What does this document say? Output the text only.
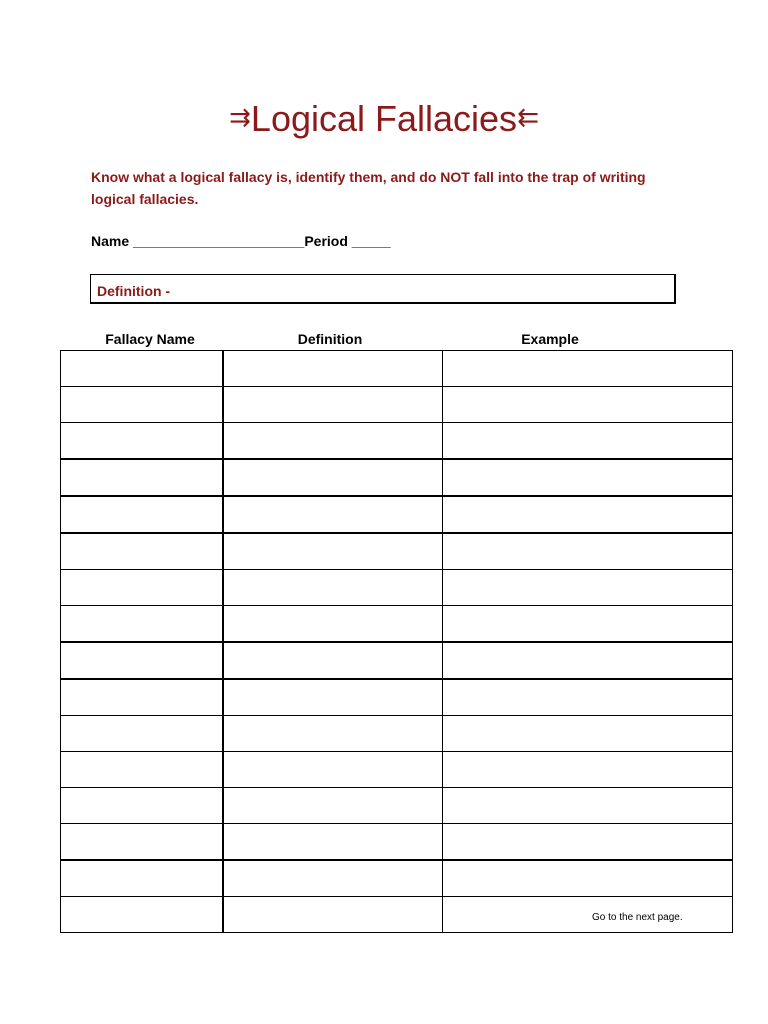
⇉Logical Fallacies⇇
Know what a logical fallacy is, identify them, and do NOT fall into the trap of writing logical fallacies.
Name ______________________Period _____
Definition -
Fallacy Name	Definition	Example

		Go to the next page.
